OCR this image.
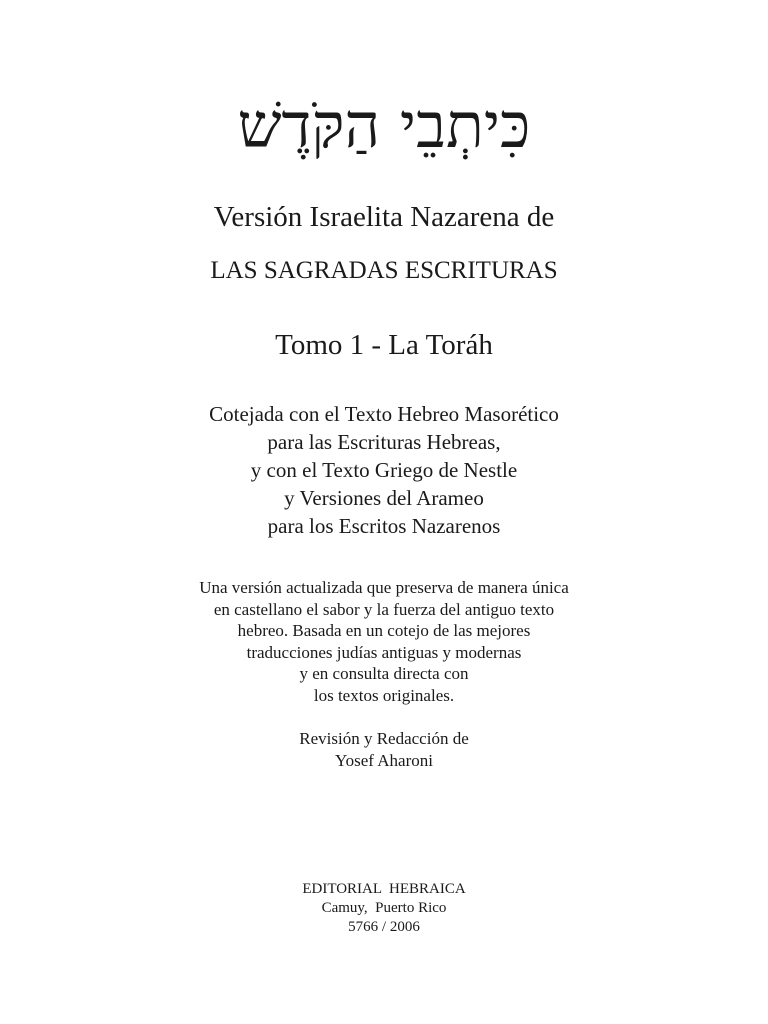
כִּיתְבֵי הַקֹּדֶשׁ
Versión Israelita Nazarena de
LAS SAGRADAS ESCRITURAS
Tomo 1 - La Toráh
Cotejada con el Texto Hebreo Masorético
para las Escrituras Hebreas,
y con el Texto Griego de Nestle
y Versiones del Arameo
para los Escritos Nazarenos
Una versión actualizada que preserva de manera única
en castellano el sabor y la fuerza del antiguo texto
hebreo. Basada en un cotejo de las mejores
traducciones judías antiguas y modernas
y en consulta directa con
los textos originales.
Revisión y Redacción de
Yosef Aharoni
EDITORIAL  HEBRAICA
Camuy,  Puerto Rico
5766 / 2006
